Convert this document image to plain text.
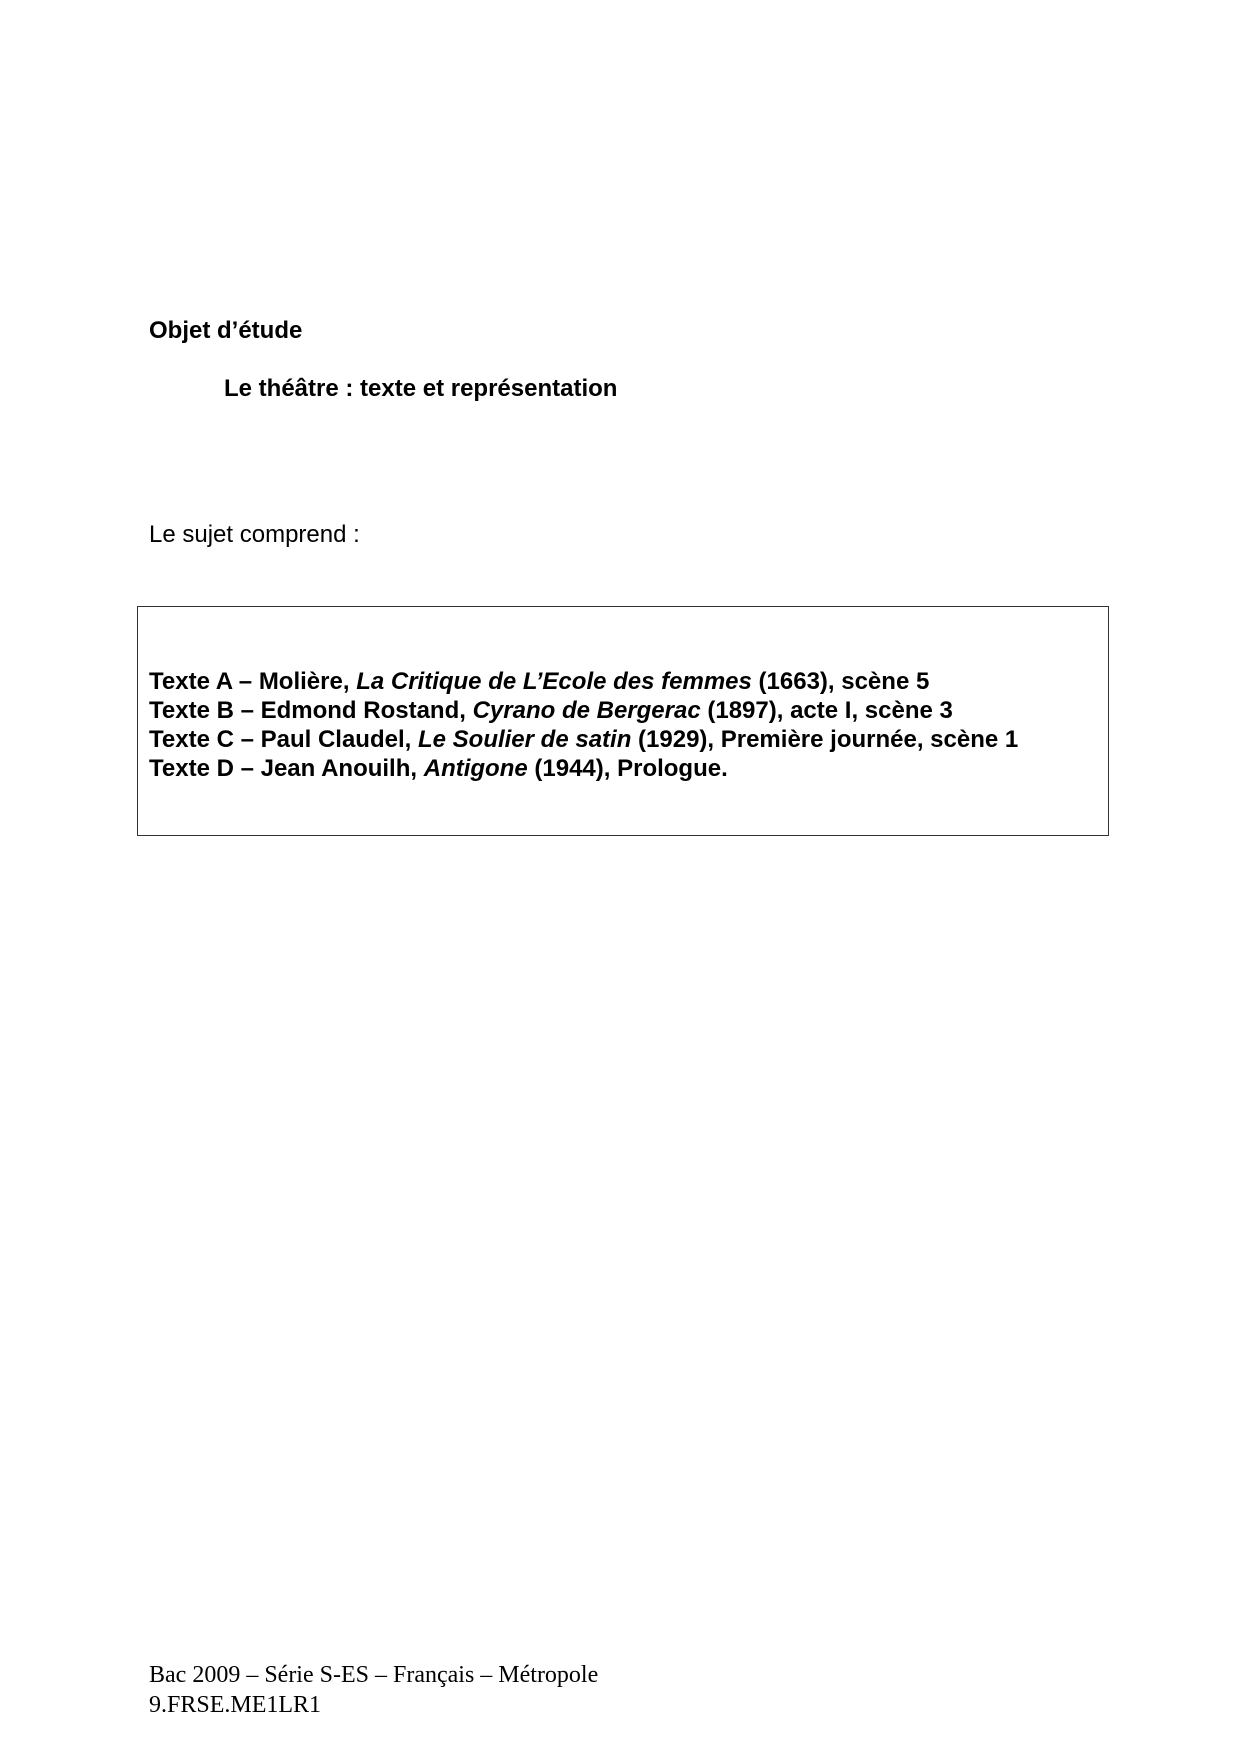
Objet d’étude
Le théâtre : texte et représentation
Le sujet comprend :
Texte A – Molière, La Critique de L’Ecole des femmes (1663), scène 5
Texte B – Edmond Rostand, Cyrano de Bergerac (1897), acte I, scène 3
Texte C – Paul Claudel, Le Soulier de satin (1929), Première journée, scène 1
Texte D – Jean Anouilh, Antigone (1944), Prologue.
Bac 2009 – Série S-ES – Français – Métropole
9.FRSE.ME1LR1
